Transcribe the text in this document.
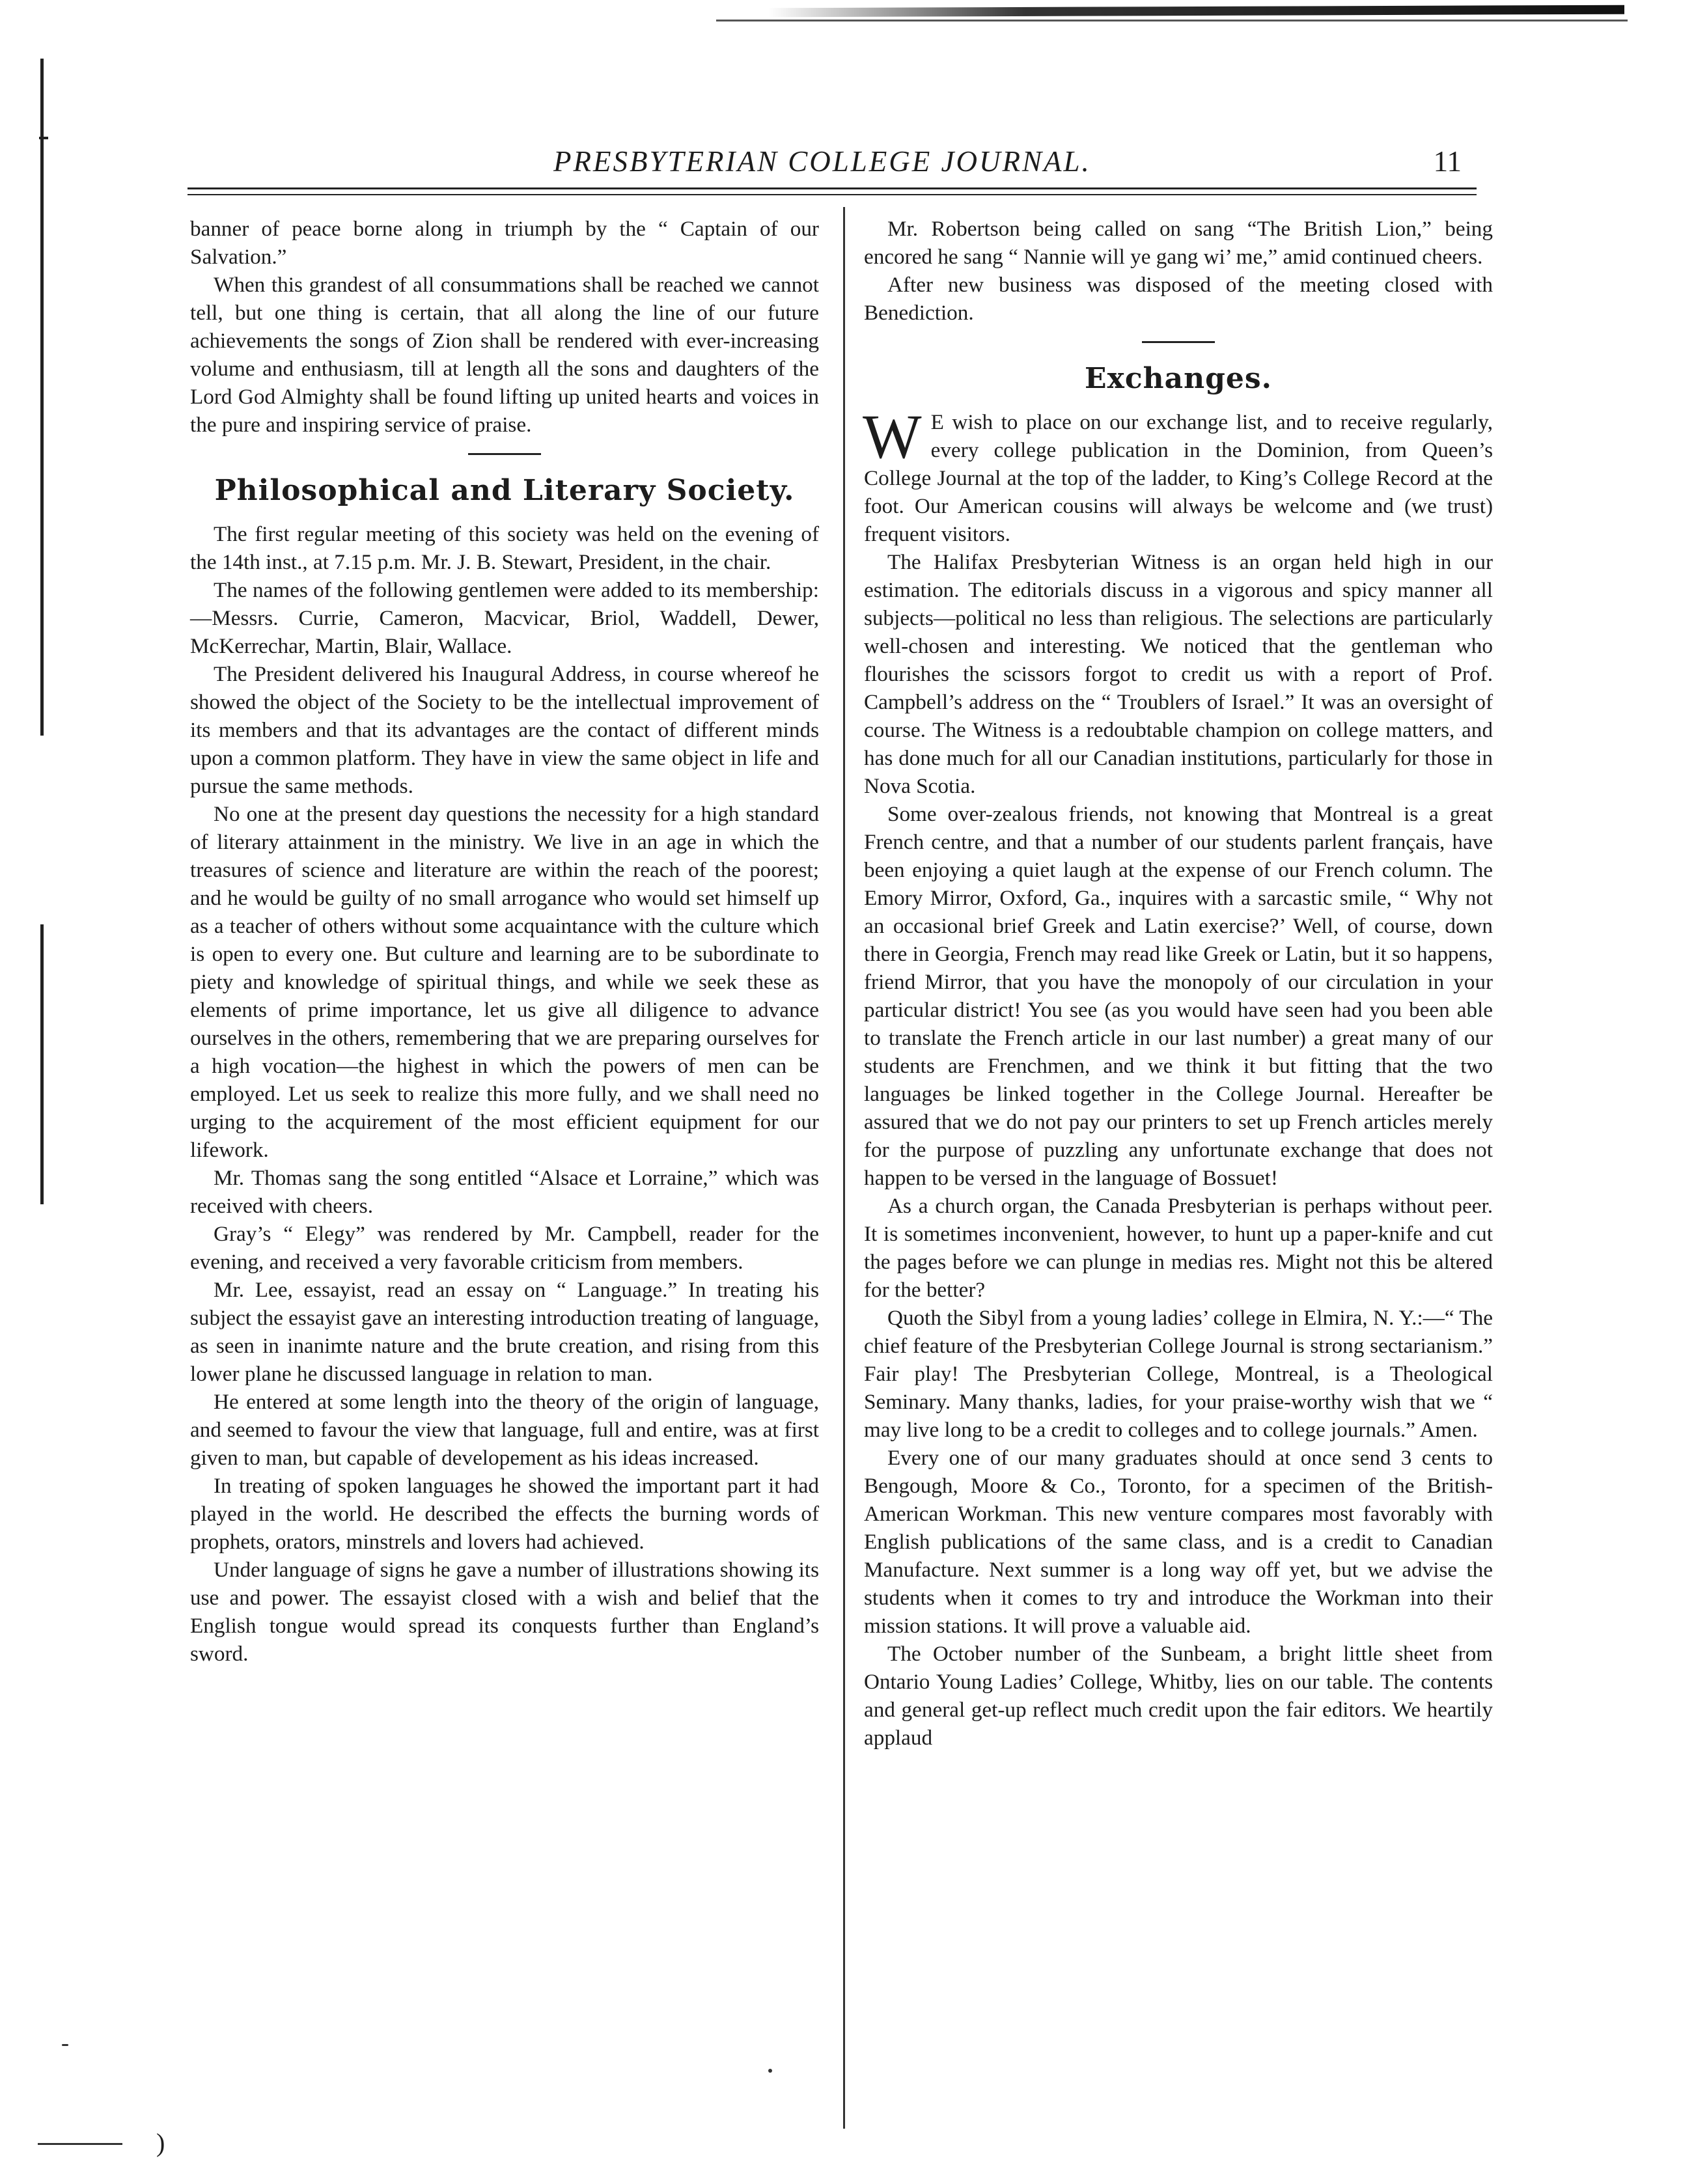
PRESBYTERIAN COLLEGE JOURNAL.	11

banner of peace borne along in triumph by the “ Captain of our Salvation.”

When this grandest of all consummations shall be reached we cannot tell, but one thing is certain, that all along the line of our future achievements the songs of Zion shall be rendered with ever-increasing volume and enthusiasm, till at length all the sons and daughters of the Lord God Almighty shall be found lifting up united hearts and voices in the pure and inspiring service of praise.

Philosophical and Literary Society.

The first regular meeting of this society was held on the evening of the 14th inst., at 7.15 p.m. Mr. J. B. Stewart, President, in the chair.

The names of the following gentlemen were added to its membership:—Messrs. Currie, Cameron, Macvicar, Briol, Waddell, Dewer, McKerrechar, Martin, Blair, Wallace.

The President delivered his Inaugural Address, in course whereof he showed the object of the Society to be the intellectual improvement of its members and that its advantages are the contact of different minds upon a common platform. They have in view the same object in life and pursue the same methods.

No one at the present day questions the necessity for a high standard of literary attainment in the ministry. We live in an age in which the treasures of science and literature are within the reach of the poorest; and he would be guilty of no small arrogance who would set himself up as a teacher of others without some acquaintance with the culture which is open to every one. But culture and learning are to be subordinate to piety and knowledge of spiritual things, and while we seek these as elements of prime importance, let us give all diligence to advance ourselves in the others, remembering that we are preparing ourselves for a high vocation—the highest in which the powers of men can be employed. Let us seek to realize this more fully, and we shall need no urging to the acquirement of the most efficient equipment for our lifework.

Mr. Thomas sang the song entitled “Alsace et Lorraine,” which was received with cheers.

Gray’s “ Elegy” was rendered by Mr. Campbell, reader for the evening, and received a very favorable criticism from members.

Mr. Lee, essayist, read an essay on “ Language.” In treating his subject the essayist gave an interesting introduction treating of language, as seen in inanimte nature and the brute creation, and rising from this lower plane he discussed language in relation to man.

He entered at some length into the theory of the origin of language, and seemed to favour the view that language, full and entire, was at first given to man, but capable of developement as his ideas increased.

In treating of spoken languages he showed the important part it had played in the world. He described the effects the burning words of prophets, orators, minstrels and lovers had achieved.

Under language of signs he gave a number of illustrations showing its use and power. The essayist closed with a wish and belief that the English tongue would spread its conquests further than England’s sword.

Mr. Robertson being called on sang “The British Lion,” being encored he sang “ Nannie will ye gang wi’ me,” amid continued cheers.

After new business was disposed of the meeting closed with Benediction.

Exchanges.

W E wish to place on our exchange list, and to receive regularly, every college publication in the Dominion, from Queen’s College Journal at the top of the ladder, to King’s College Record at the foot. Our American cousins will always be welcome and (we trust) frequent visitors.

The Halifax Presbyterian Witness is an organ held high in our estimation. The editorials discuss in a vigorous and spicy manner all subjects—political no less than religious. The selections are particularly well-chosen and interesting. We noticed that the gentleman who flourishes the scissors forgot to credit us with a report of Prof. Campbell’s address on the “ Troublers of Israel.” It was an oversight of course. The Witness is a redoubtable champion on college matters, and has done much for all our Canadian institutions, particularly for those in Nova Scotia.

Some over-zealous friends, not knowing that Montreal is a great French centre, and that a number of our students parlent français, have been enjoying a quiet laugh at the expense of our French column. The Emory Mirror, Oxford, Ga., inquires with a sarcastic smile, “ Why not an occasional brief Greek and Latin exercise?’ Well, of course, down there in Georgia, French may read like Greek or Latin, but it so happens, friend Mirror, that you have the monopoly of our circulation in your particular district! You see (as you would have seen had you been able to translate the French article in our last number) a great many of our students are Frenchmen, and we think it but fitting that the two languages be linked together in the College Journal. Hereafter be assured that we do not pay our printers to set up French articles merely for the purpose of puzzling any unfortunate exchange that does not happen to be versed in the language of Bossuet!

As a church organ, the Canada Presbyterian is perhaps without peer. It is sometimes inconvenient, however, to hunt up a paper-knife and cut the pages before we can plunge in medias res. Might not this be altered for the better?

Quoth the Sibyl from a young ladies’ college in Elmira, N. Y.:—“ The chief feature of the Presbyterian College Journal is strong sectarianism.” Fair play! The Presbyterian College, Montreal, is a Theological Seminary. Many thanks, ladies, for your praise-worthy wish that we “ may live long to be a credit to colleges and to college journals.” Amen.

Every one of our many graduates should at once send 3 cents to Bengough, Moore & Co., Toronto, for a specimen of the British-American Workman. This new venture compares most favorably with English publications of the same class, and is a credit to Canadian Manufacture. Next summer is a long way off yet, but we advise the students when it comes to try and introduce the Workman into their mission stations. It will prove a valuable aid.

The October number of the Sunbeam, a bright little sheet from Ontario Young Ladies’ College, Whitby, lies on our table. The contents and general get-up reflect much credit upon the fair editors. We heartily applaud

)
